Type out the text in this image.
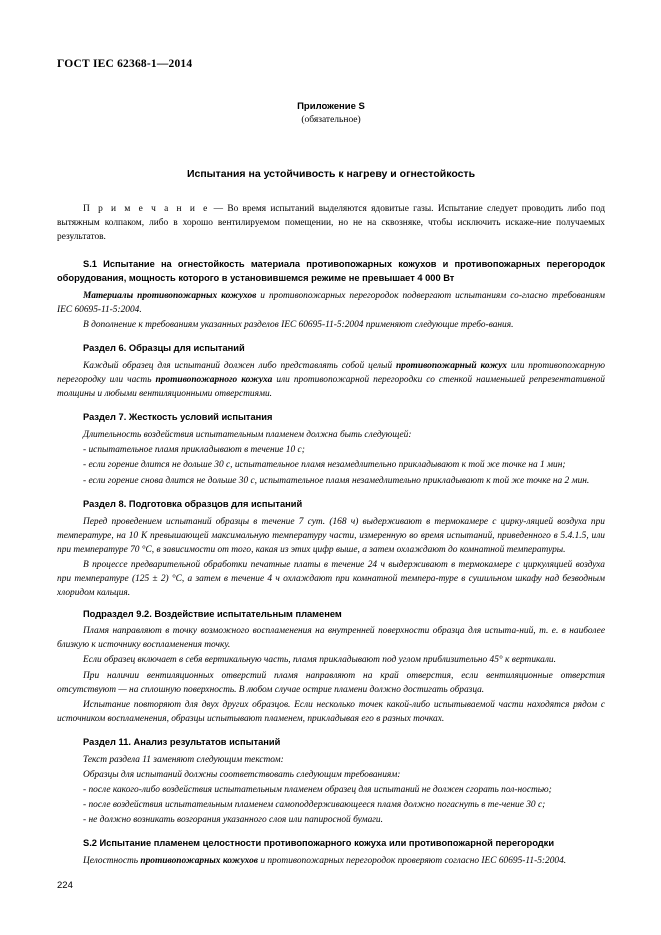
ГОСТ IEC 62368-1—2014
Приложение S
(обязательное)
Испытания на устойчивость к нагреву и огнестойкость
П р и м е ч а н и е — Во время испытаний выделяются ядовитые газы. Испытание следует проводить либо под вытяжным колпаком, либо в хорошо вентилируемом помещении, но не на сквозняке, чтобы исключить искаже-ние получаемых результатов.
S.1 Испытание на огнестойкость материала противопожарных кожухов и противопожарных перегородок оборудования, мощность которого в установившемся режиме не превышает 4 000 Вт
Материалы противопожарных кожухов и противопожарных перегородок подвергают испытаниям со-гласно требованиям IEC 60695-11-5:2004.
В дополнение к требованиям указанных разделов IEC 60695-11-5:2004 применяют следующие требо-вания.
Раздел 6. Образцы для испытаний
Каждый образец для испытаний должен либо представлять собой целый противопожарный кожух или противопожарную перегородку или часть противопожарного кожуха или противопожарной перегородки со стенкой наименьшей репрезентативной толщины и любыми вентиляционными отверстиями.
Раздел 7. Жесткость условий испытания
Длительность воздействия испытательным пламенем должна быть следующей:
- испытательное пламя прикладывают в течение 10 с;
- если горение длится не дольше 30 с, испытательное пламя незамедлительно прикладывают к той же точке на 1 мин;
- если горение снова длится не дольше 30 с, испытательное пламя незамедлительно прикладывают к той же точке на 2 мин.
Раздел 8. Подготовка образцов для испытаний
Перед проведением испытаний образцы в течение 7 сут. (168 ч) выдерживают в термокамере с цирку-ляцией воздуха при температуре, на 10 К превышающей максимальную температуру части, измеренную во время испытаний, приведенного в 5.4.1.5, или при температуре 70 °С, в зависимости от того, какая из этих цифр выше, а затем охлаждают до комнатной температуры.
В процессе предварительной обработки печатные платы в течение 24 ч выдерживают в термокамере с циркуляцией воздуха при температуре (125 ± 2) °С, а затем в течение 4 ч охлаждают при комнатной темпера-туре в сушильном шкафу над безводным хлоридом кальция.
Подраздел 9.2. Воздействие испытательным пламенем
Пламя направляют в точку возможного воспламенения на внутренней поверхности образца для испыта-ний, т. е. в наиболее близкую к источнику воспламенения точку.
Если образец включает в себя вертикальную часть, пламя прикладывают под углом приблизительно 45° к вертикали.
При наличии вентиляционных отверстий пламя направляют на край отверстия, если вентиляционные отверстия отсутствуют — на сплошную поверхность. В любом случае острие пламени должно достигать образца.
Испытание повторяют для двух других образцов. Если несколько точек какой-либо испытываемой части находятся рядом с источником воспламенения, образцы испытывают пламенем, прикладывая его в разных точках.
Раздел 11. Анализ результатов испытаний
Текст раздела 11 заменяют следующим текстом:
Образцы для испытаний должны соответствовать следующим требованиям:
- после какого-либо воздействия испытательным пламенем образец для испытаний не должен сгорать пол-ностью;
- после воздействия испытательным пламенем самоподдерживающееся пламя должно погаснуть в те-чение 30 с;
- не должно возникать возгорания указанного слоя или папиросной бумаги.
S.2 Испытание пламенем целостности противопожарного кожуха или противопожарной перегородки
Целостность противопожарных кожухов и противопожарных перегородок проверяют согласно IEC 60695-11-5:2004.
224
